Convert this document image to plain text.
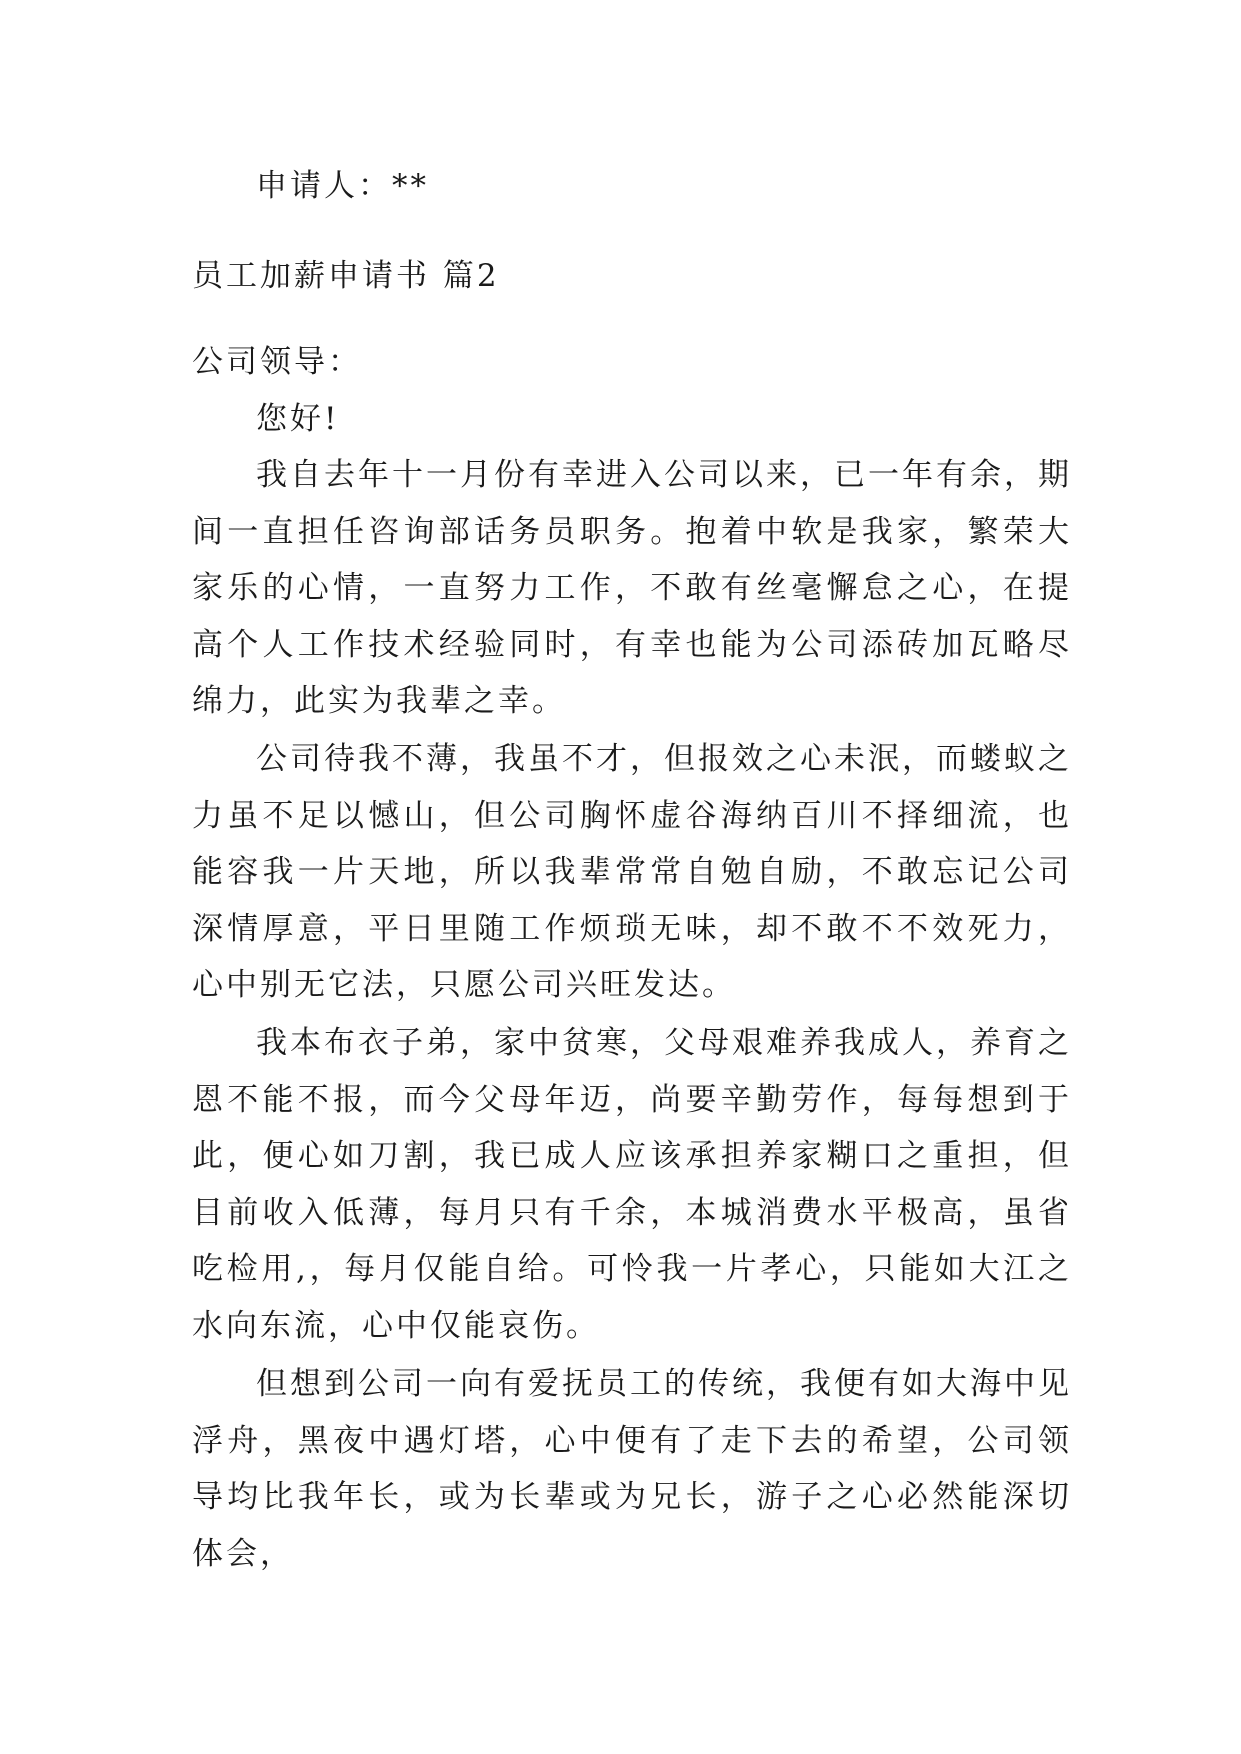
申请人：**
员工加薪申请书 篇2
公司领导：
您好!

我自去年十一月份有幸进入公司以来，已一年有余，期间一直担任咨询部话务员职务。抱着中软是我家，繁荣大家乐的心情，一直努力工作，不敢有丝毫懈怠之心，在提高个人工作技术经验同时，有幸也能为公司添砖加瓦略尽绵力，此实为我辈之幸。

公司待我不薄，我虽不才，但报效之心未泯，而蝼蚁之力虽不足以憾山，但公司胸怀虚谷海纳百川不择细流，也能容我一片天地，所以我辈常常自勉自励，不敢忘记公司深情厚意，平日里随工作烦琐无味，却不敢不不效死力，心中别无它法，只愿公司兴旺发达。

我本布衣子弟，家中贫寒，父母艰难养我成人，养育之恩不能不报，而今父母年迈，尚要辛勤劳作，每每想到于此，便心如刀割，我已成人应该承担养家糊口之重担，但目前收入低薄，每月只有千余，本城消费水平极高，虽省吃检用,，每月仅能自给。可怜我一片孝心，只能如大江之水向东流，心中仅能哀伤。

但想到公司一向有爱抚员工的传统，我便有如大海中见浮舟，黑夜中遇灯塔，心中便有了走下去的希望，公司领导均比我年长，或为长辈或为兄长，游子之心必然能深切体会，
